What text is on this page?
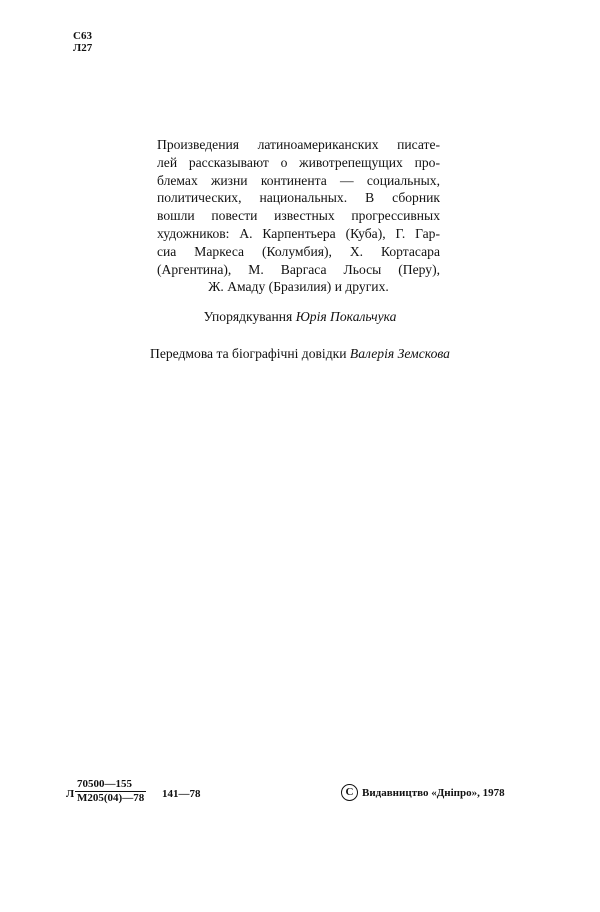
С63
Л27
Произведения латиноамериканских писате-
лей рассказывают о животрепещущих про-
блемах жизни континента — социальных,
политических, национальных. В сборник
вошли повести известных прогрессивных
художников: А. Карпентьера (Куба), Г. Гар-
сиа Маркеса (Колумбия), Х. Кортасара
(Аргентина), М. Варгаса Льосы (Перу),
Ж. Амаду (Бразилия) и других.
Упорядкування Юрія Покальчука
Передмова та біографічні довідки Валерія Земскова
Л
70500—155
М205(04)—78 141—78	С Видавництво «Дніпро», 1978
